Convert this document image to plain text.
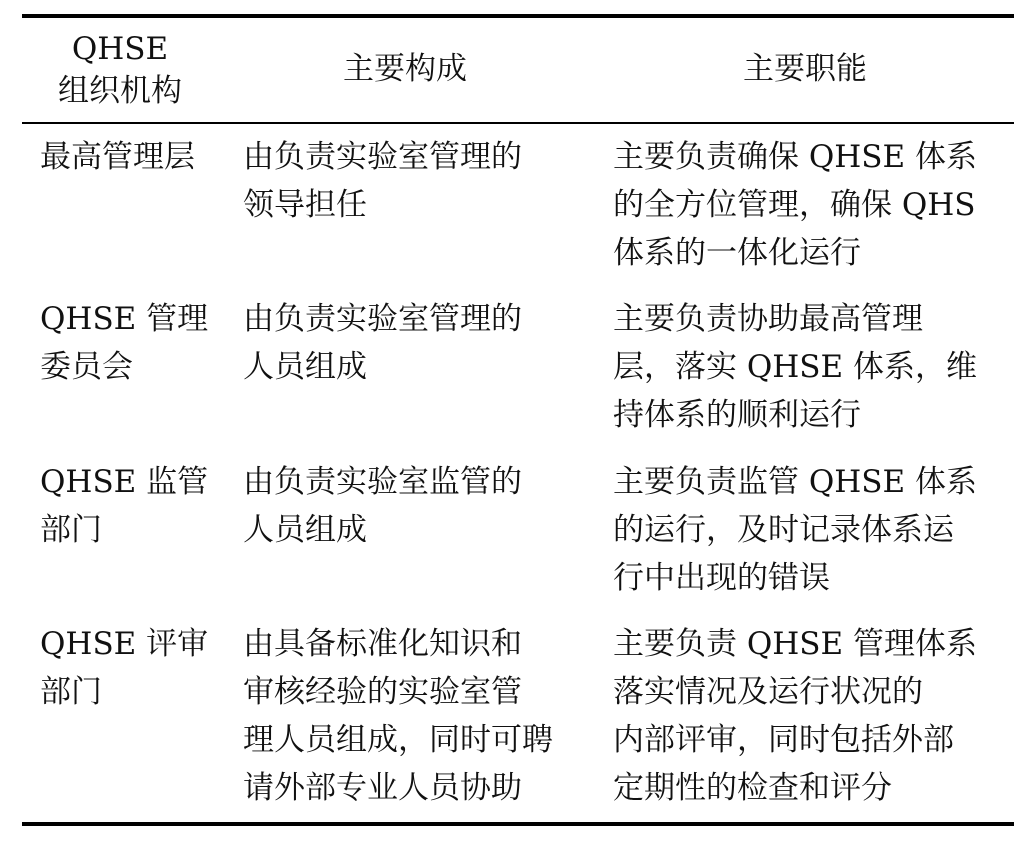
QHSE
组织机构
主要构成	主要职能
最高管理层 由负责实验室管理的
领导担任
主要负责确保 QHSE 体系
的全方位管理，确保 QHS
体系的一体化运行
QHSE 管理
委员会
由负责实验室管理的
人员组成
主要负责协助最高管理
层，落实 QHSE 体系，维
持体系的顺利运行
QHSE 监管
部门
由负责实验室监管的
人员组成
主要负责监管 QHSE 体系
的运行，及时记录体系运
行中出现的错误
QHSE 评审
部门
由具备标准化知识和
审核经验的实验室管
理人员组成，同时可聘
请外部专业人员协助
主要负责 QHSE 管理体系
落实情况及运行状况的
内部评审，同时包括外部
定期性的检查和评分
